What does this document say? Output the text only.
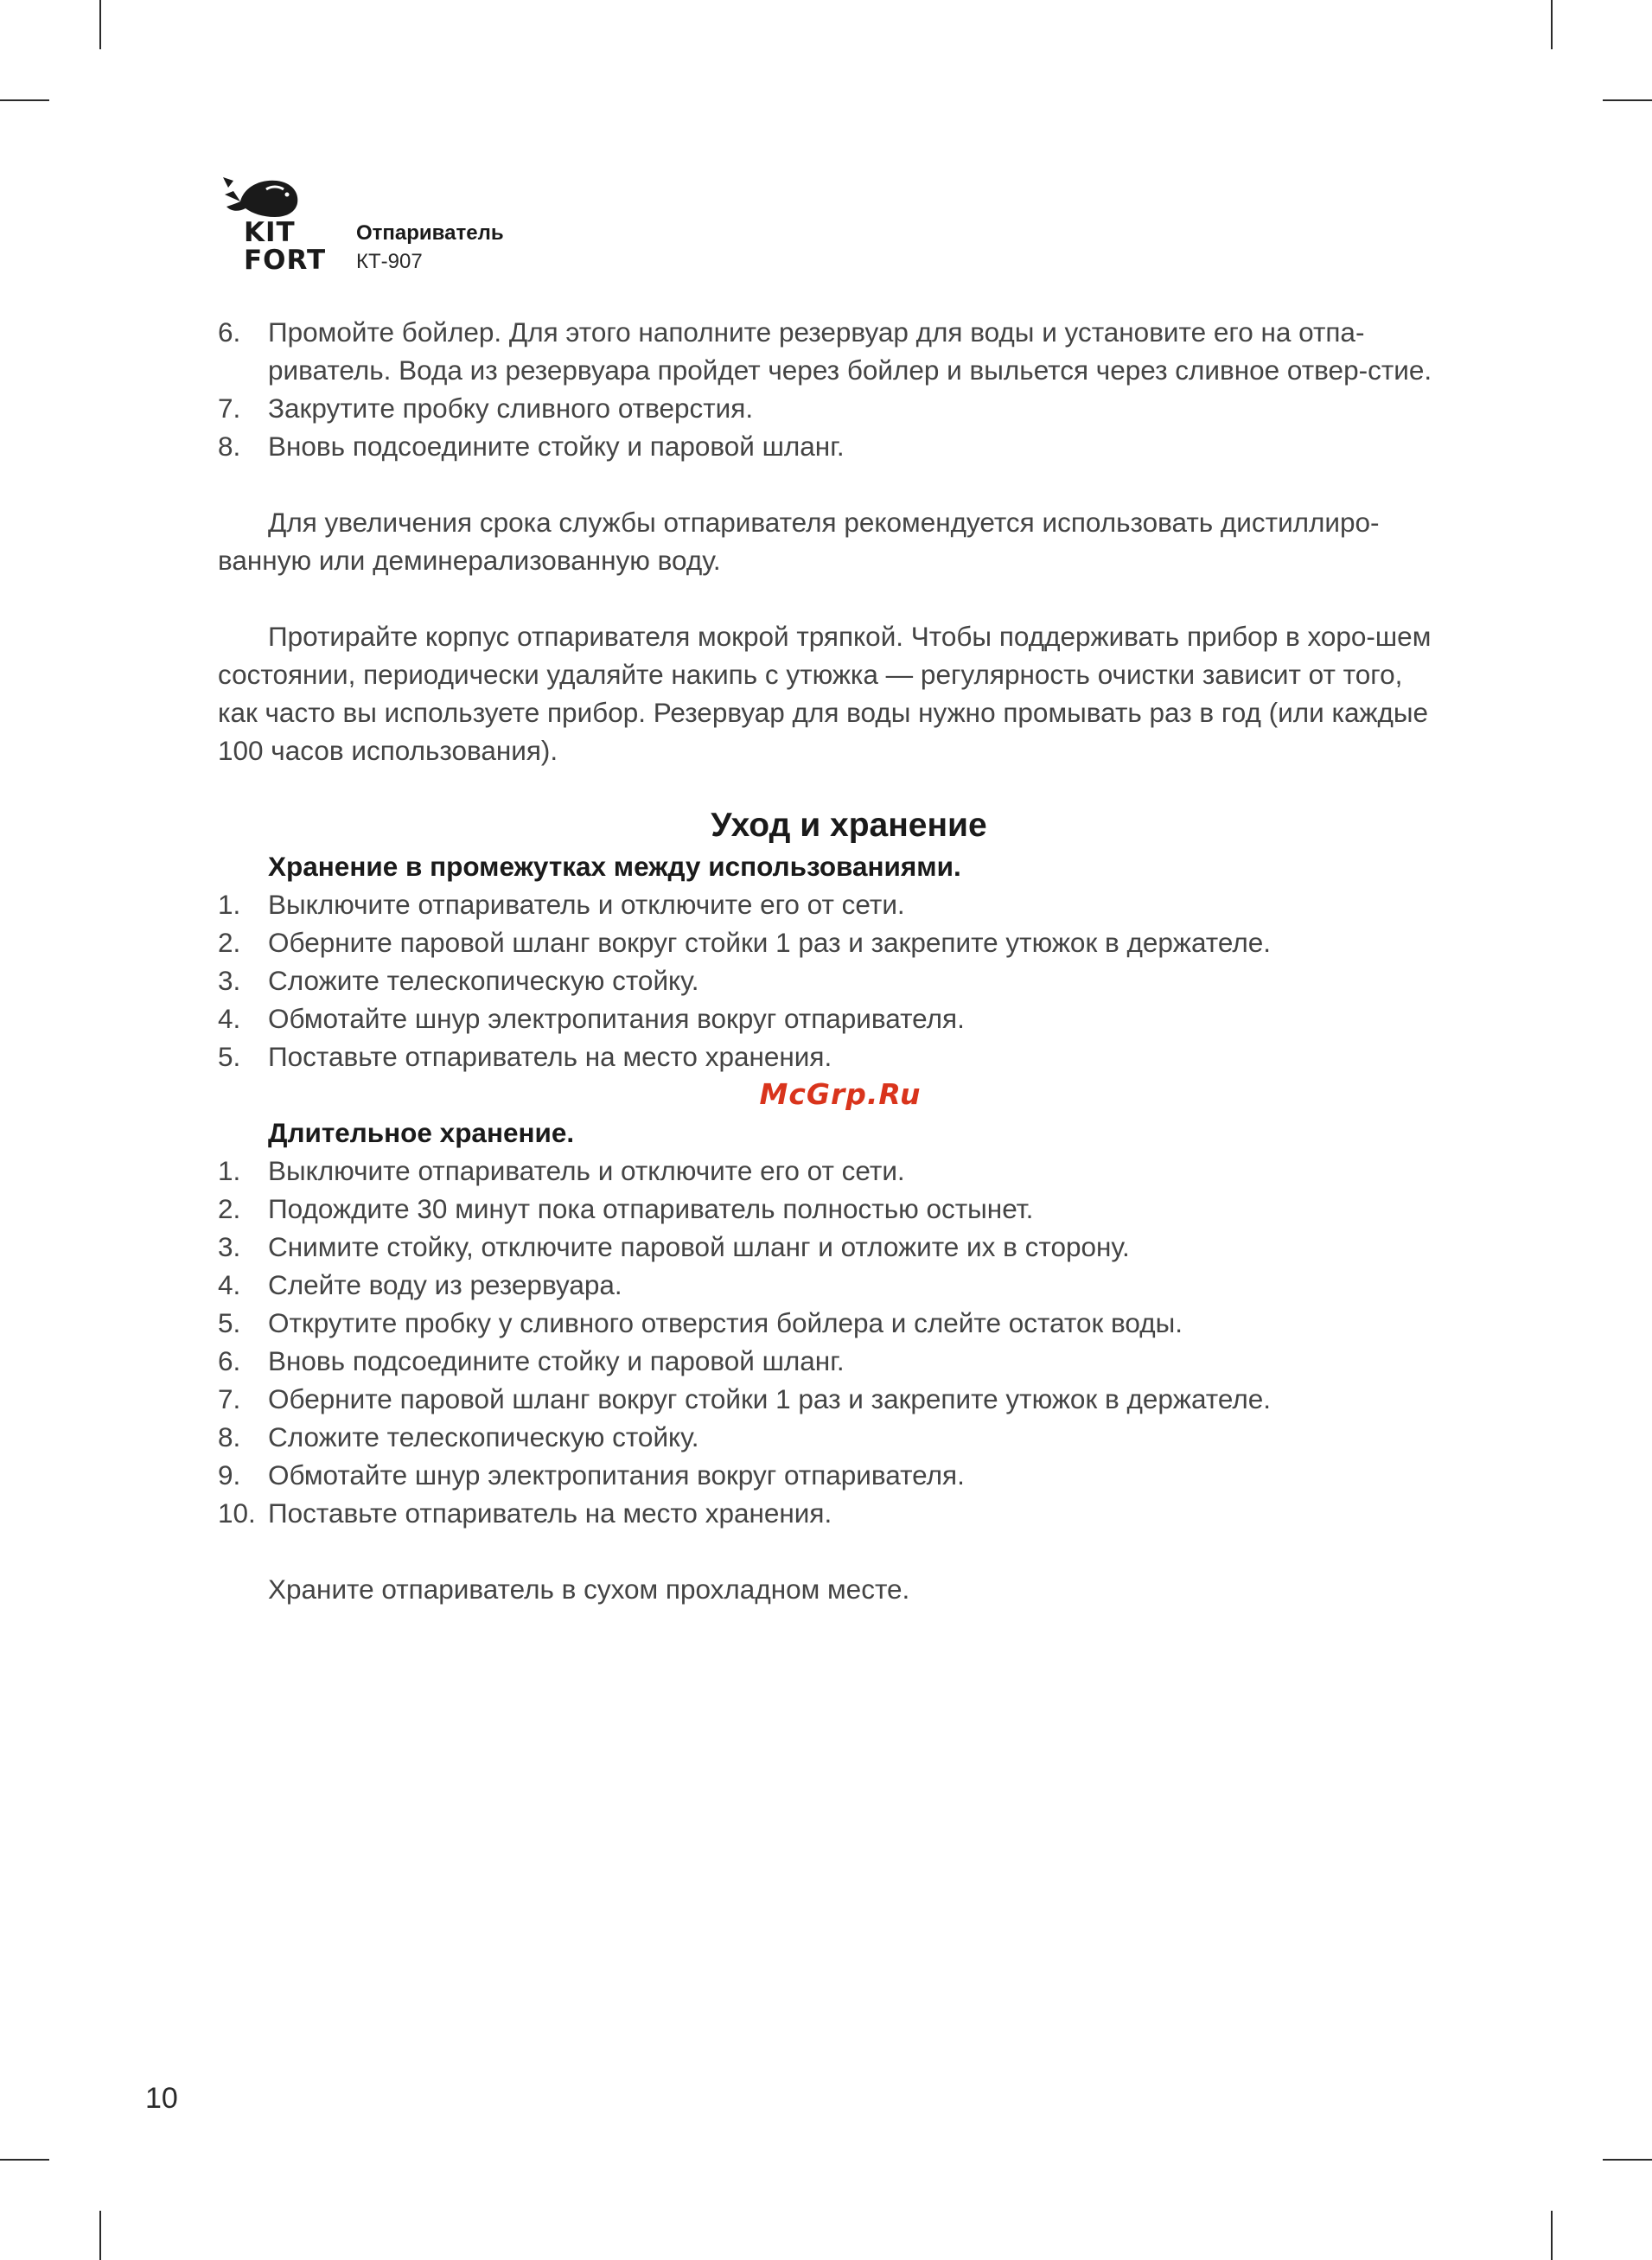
KIT
FORT
Отпариватель
КТ-907
6. Промойте бойлер. Для этого наполните резервуар для воды и установите его на отпа-риватель. Вода из резервуара пройдет через бойлер и выльется через сливное отвер-стие.
7. Закрутите пробку сливного отверстия.
8. Вновь подсоедините стойку и паровой шланг.

Для увеличения срока службы отпаривателя рекомендуется использовать дистиллиро-ванную или деминерализованную воду.

Протирайте корпус отпаривателя мокрой тряпкой. Чтобы поддерживать прибор в хоро-шем состоянии, периодически удаляйте накипь с утюжка — регулярность очистки зависит от того, как часто вы используете прибор. Резервуар для воды нужно промывать раз в год (или каждые 100 часов использования).

Уход и хранение
Хранение в промежутках между использованиями.
1. Выключите отпариватель и отключите его от сети.
2. Оберните паровой шланг вокруг стойки 1 раз и закрепите утюжок в держателе.
3. Сложите телескопическую стойку.
4. Обмотайте шнур электропитания вокруг отпаривателя.
5. Поставьте отпариватель на место хранения.
McGrp.Ru
Длительное хранение.
1. Выключите отпариватель и отключите его от сети.
2. Подождите 30 минут пока отпариватель полностью остынет.
3. Снимите стойку, отключите паровой шланг и отложите их в сторону.
4. Слейте воду из резервуара.
5. Открутите пробку у сливного отверстия бойлера и слейте остаток воды.
6. Вновь подсоедините стойку и паровой шланг.
7. Оберните паровой шланг вокруг стойки 1 раз и закрепите утюжок в держателе.
8. Сложите телескопическую стойку.
9. Обмотайте шнур электропитания вокруг отпаривателя.
10. Поставьте отпариватель на место хранения.

Храните отпариватель в сухом прохладном месте.

10
